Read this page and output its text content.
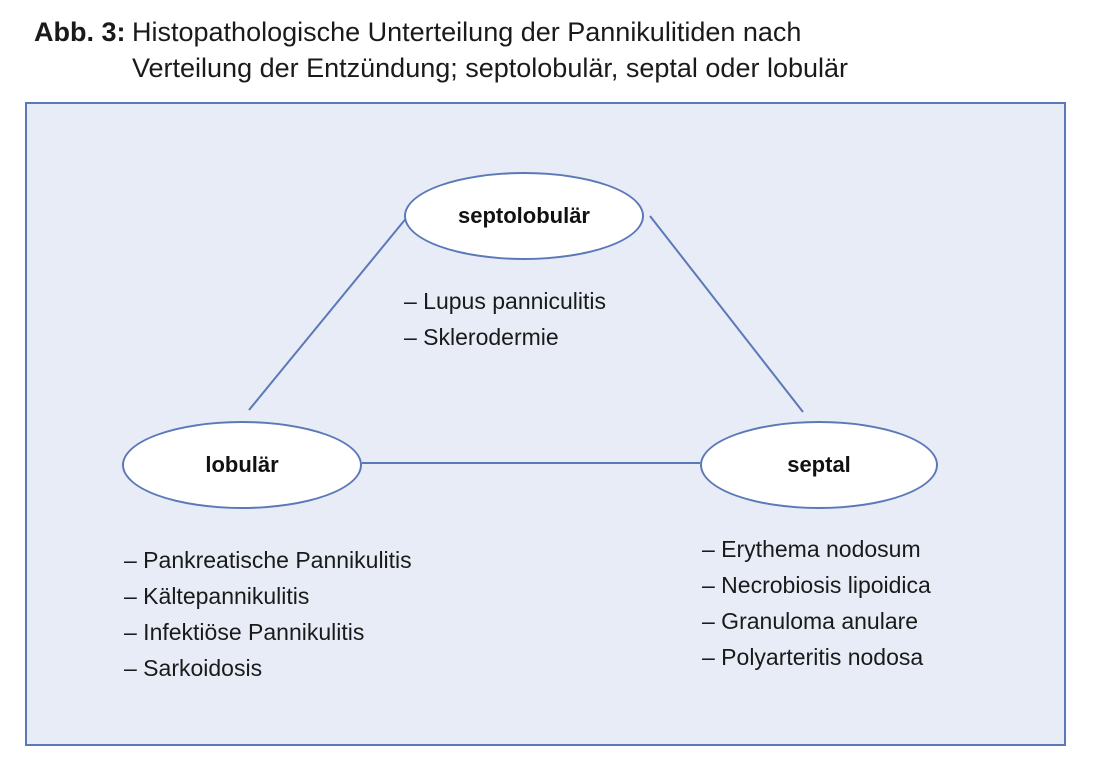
Abb. 3: Histopathologische Unterteilung der Pannikulitiden nach
Verteilung der Entzündung; septolobulär, septal oder lobulär
septolobulär
lobulär	septal
– Lupus panniculitis
– Sklerodermie
– Pankreatische Pannikulitis
– Kältepannikulitis
– Infektiöse Pannikulitis
– Sarkoidosis
– Erythema nodosum
– Necrobiosis lipoidica
– Granuloma anulare
– Polyarteritis nodosa
